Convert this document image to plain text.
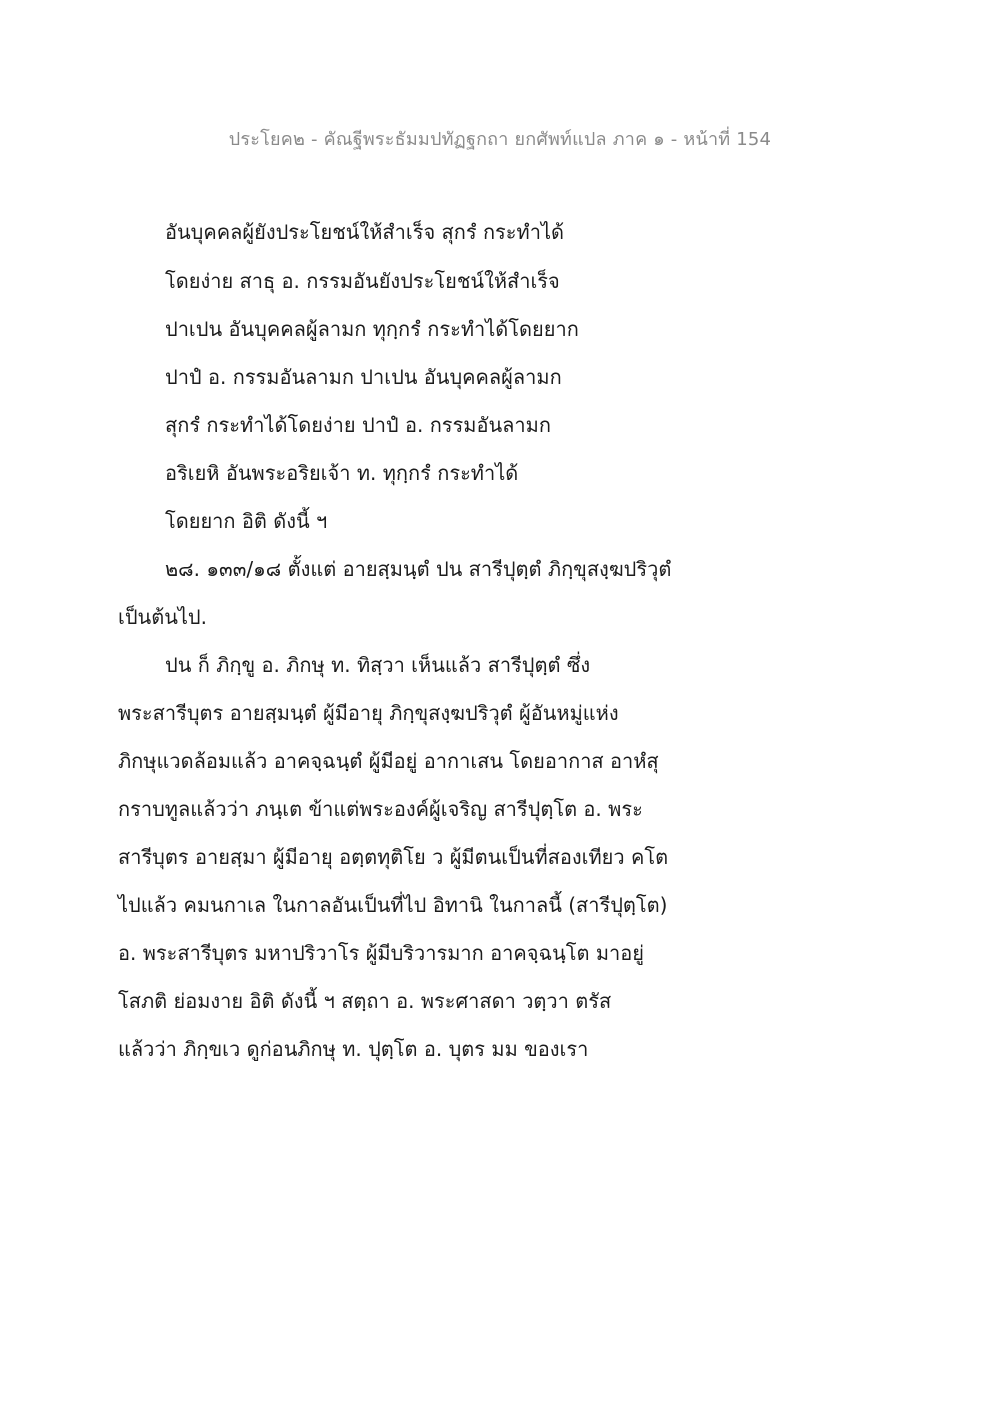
ประโยค๒ - คัณฐีพระธัมมปทัฏฐกถา ยกศัพท์แปล ภาค ๑ - หน้าที่ 154
อันบุคคลผู้ยังประโยชน์ให้สำเร็จ สุกรํ กระทำได้
โดยง่าย สาธุ อ. กรรมอันยังประโยชน์ให้สำเร็จ
ปาเปน อันบุคคลผู้ลามก ทุกฺกรํ กระทำได้โดยยาก
ปาปํ อ. กรรมอันลามก ปาเปน อันบุคคลผู้ลามก
สุกรํ กระทำได้โดยง่าย ปาปํ อ. กรรมอันลามก
อริเยหิ อันพระอริยเจ้า ท. ทุกฺกรํ กระทำได้
โดยยาก อิติ ดังนี้ ฯ
๒๘. ๑๓๓/๑๘ ตั้งแต่ อายสฺมนฺตํ ปน สารีปุตฺตํ ภิกฺขุสงฺฆปริวุตํ
เป็นต้นไป.
ปน ก็ ภิกฺขู อ. ภิกษุ ท. ทิสฺวา เห็นแล้ว สารีปุตฺตํ ซึ่ง
พระสารีบุตร อายสฺมนฺตํ ผู้มีอายุ ภิกฺขุสงฺฆปริวุตํ ผู้อันหมู่แห่ง
ภิกษุแวดล้อมแล้ว อาคจฺฉนฺตํ ผู้มีอยู่ อากาเสน โดยอากาส อาหํสุ
กราบทูลแล้วว่า ภนฺเต ข้าแต่พระองค์ผู้เจริญ สารีปุตฺโต อ. พระ
สารีบุตร อายสฺมา ผู้มีอายุ อตฺตทุติโย ว ผู้มีตนเป็นที่สองเทียว คโต
ไปแล้ว คมนกาเล ในกาลอันเป็นที่ไป อิทานิ ในกาลนี้ (สารีปุตฺโต)
อ. พระสารีบุตร มหาปริวาโร ผู้มีบริวารมาก อาคจฺฉนฺโต มาอยู่
โสภติ ย่อมงาย อิติ ดังนี้ ฯ สตฺถา อ. พระศาสดา วตฺวา ตรัส
แล้วว่า ภิกฺขเว ดูก่อนภิกษุ ท. ปุตฺโต อ. บุตร มม ของเรา
